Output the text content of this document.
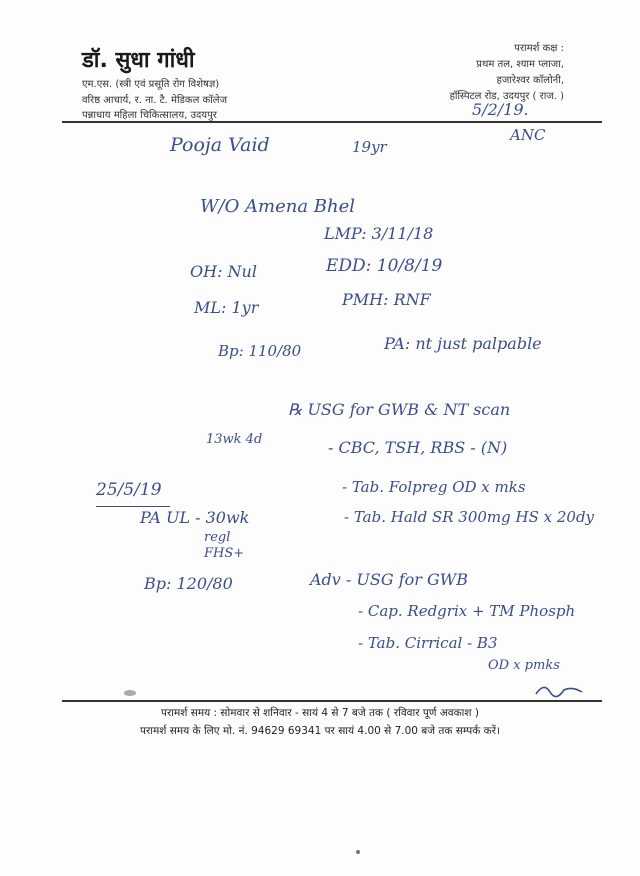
डॉ. सुधा गांधी
एम.एस. (स्त्री एवं प्रसूति रोग विशेषज्ञ)
वरिष्ठ आचार्य, र. ना. टै. मेडिकल कॉलेज
पन्नाधाय महिला चिकित्सालय, उदयपुर
परामर्श कक्ष :
प्रथम तल, श्याम प्लाजा,
हजारेश्वर कॉलोनी,
हॉस्पिटल रोड, उदयपुर ( राज. )
5/2/19.
ANC
Pooja Vaid	19yr
W/O Amena Bhel
LMP: 3/11/18
OH: Nul	EDD: 10/8/19
ML: 1yr	PMH: RNF
Bp: 110/80	PA: nt just palpable
℞ USG for GWB & NT scan
13wk 4d	- CBC, TSH, RBS - (N)
- Tab. Folpreg OD x mks
- Tab. Hald SR 300mg HS x 20dy
25/5/19
PA UL - 30wk
regl
FHS+
Bp: 120/80	Adv - USG for GWB
- Cap. Redgrix + TM Phosph
- Tab. Cirrical - B3
OD x pmks
परामर्श समय : सोमवार से शनिवार - सायं 4 से 7 बजे तक ( रविवार पूर्ण अवकाश )
परामर्श समय के लिए मो. नं. 94629 69341 पर सायं 4.00 से 7.00 बजे तक सम्पर्क करें।
